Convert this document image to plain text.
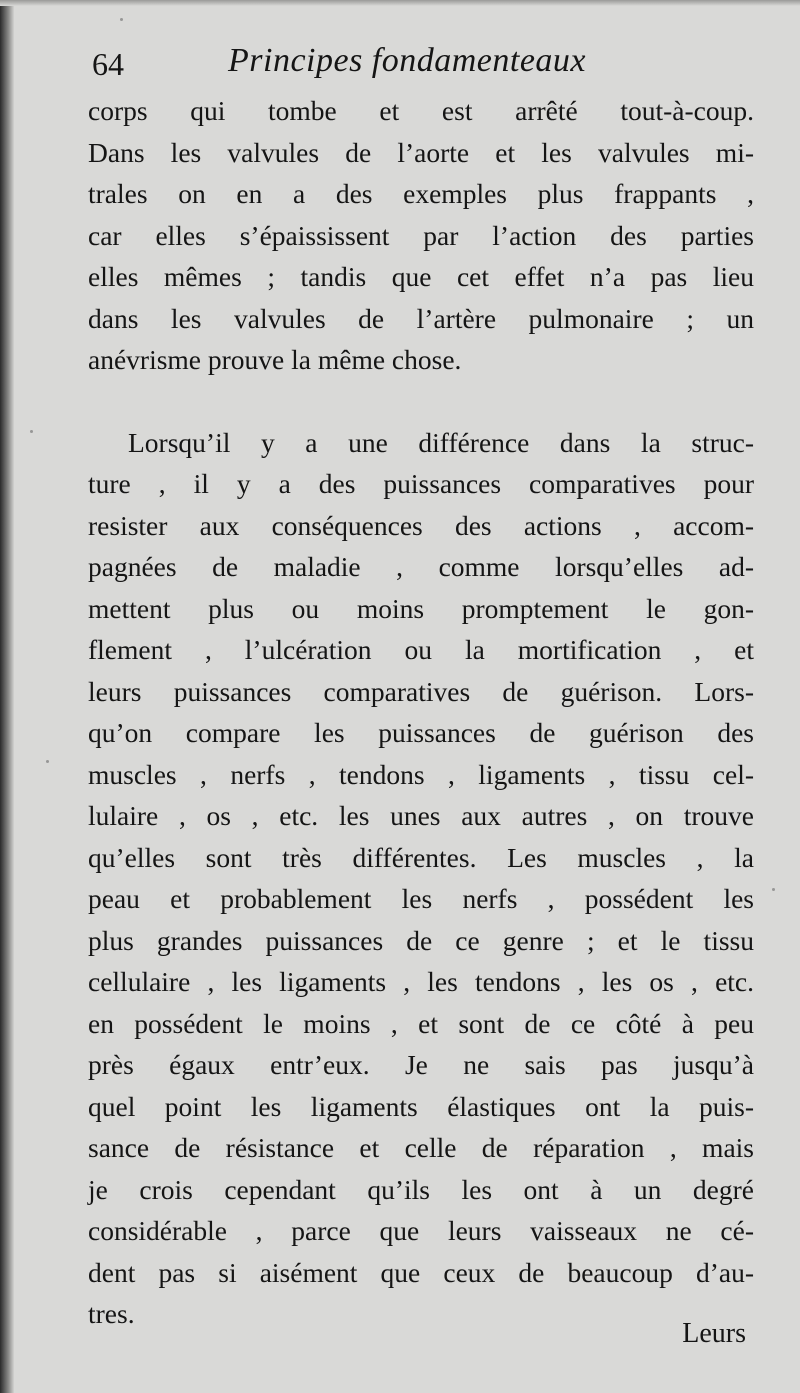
64	Principes fondamenteaux
corps qui tombe et est arrêté tout-à-coup.
Dans les valvules de l’aorte et les valvules mi-
trales on en a des exemples plus frappants ,
car elles s’épaississent par l’action des parties
elles mêmes ; tandis que cet effet n’a pas lieu
dans les valvules de l’artère pulmonaire ; un
anévrisme prouve la même chose.
Lorsqu’il y a une différence dans la struc-
ture , il y a des puissances comparatives pour
resister aux conséquences des actions , accom-
pagnées de maladie , comme lorsqu’elles ad-
mettent plus ou moins promptement le gon-
flement , l’ulcération ou la mortification , et
leurs puissances comparatives de guérison. Lors-
qu’on compare les puissances de guérison des
muscles , nerfs , tendons , ligaments , tissu cel-
lulaire , os , etc. les unes aux autres , on trouve
qu’elles sont très différentes. Les muscles , la
peau et probablement les nerfs , possédent les
plus grandes puissances de ce genre ; et le tissu
cellulaire , les ligaments , les tendons , les os , etc.
en possédent le moins , et sont de ce côté à peu
près égaux entr’eux. Je ne sais pas jusqu’à
quel point les ligaments élastiques ont la puis-
sance de résistance et celle de réparation , mais
je crois cependant qu’ils les ont à un degré
considérable , parce que leurs vaisseaux ne cé-
dent pas si aisément que ceux de beaucoup d’au-
tres.
Leurs
